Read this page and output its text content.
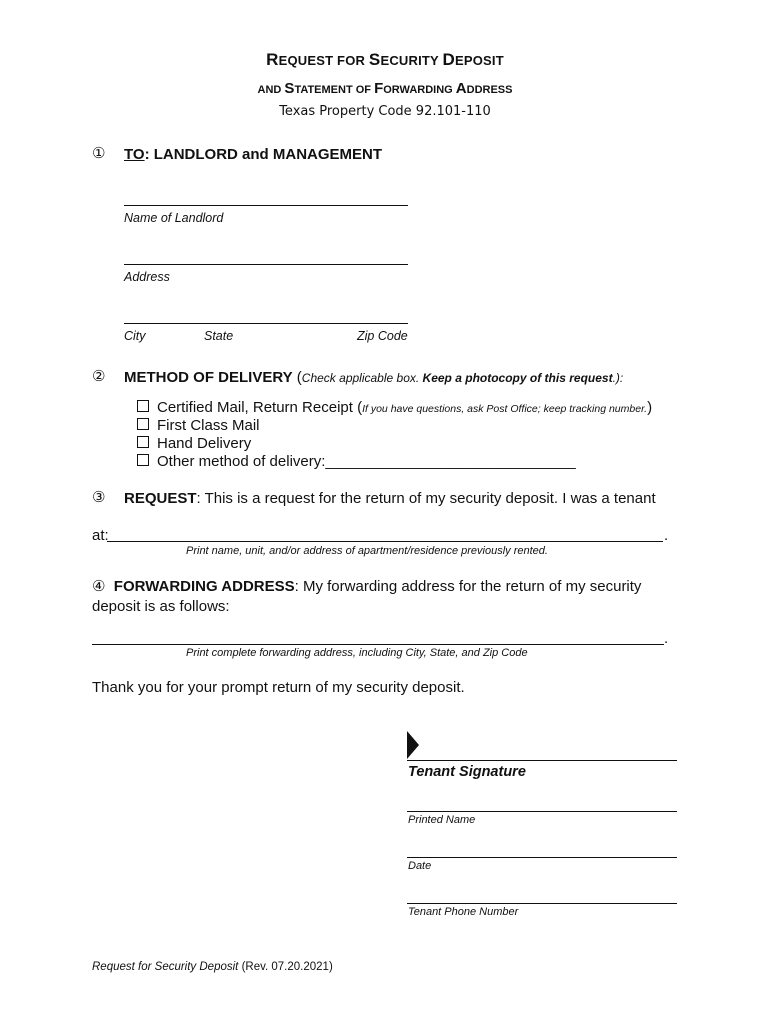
REQUEST FOR SECURITY DEPOSIT
AND STATEMENT OF FORWARDING ADDRESS
Texas Property Code 92.101-110
① TO: LANDLORD and MANAGEMENT
Name of Landlord
Address
City	State	Zip Code
② METHOD OF DELIVERY (Check applicable box. Keep a photocopy of this request.):
Certified Mail, Return Receipt (If you have questions, ask Post Office; keep tracking number.)
First Class Mail
Hand Delivery
Other method of delivery:______________________________
③ REQUEST: This is a request for the return of my security deposit. I was a tenant
at:	.
Print name, unit, and/or address of apartment/residence previously rented.
④ FORWARDING ADDRESS: My forwarding address for the return of my security
deposit is as follows:
.
Print complete forwarding address, including City, State, and Zip Code
Thank you for your prompt return of my security deposit.
Tenant Signature
Printed Name
Date
Tenant Phone Number
Request for Security Deposit (Rev. 07.20.2021)
